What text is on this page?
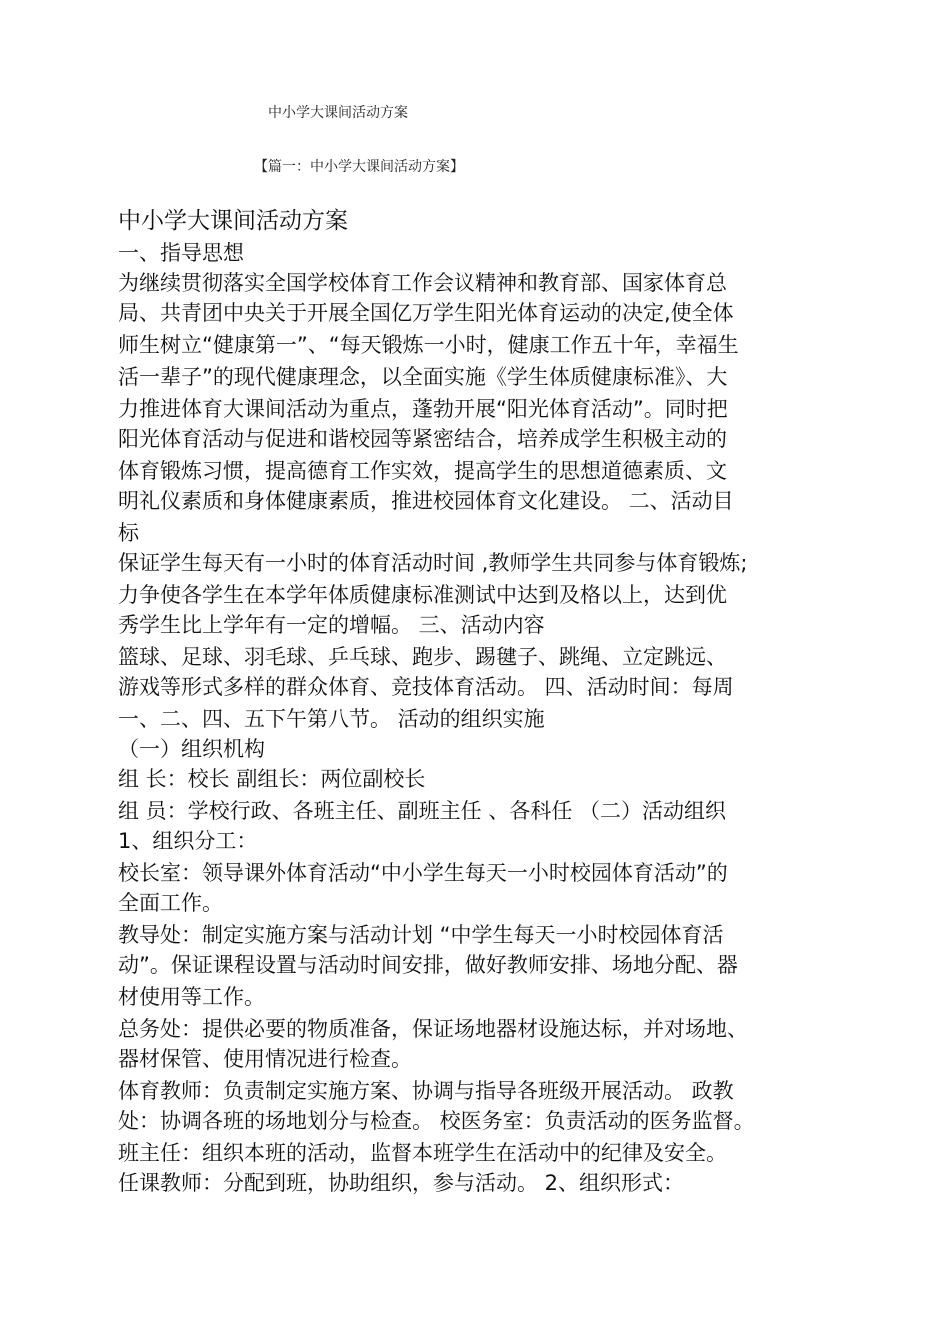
中小学大课间活动方案
【篇一：中小学大课间活动方案】
中小学大课间活动方案
一、指导思想
为继续贯彻落实全国学校体育工作会议精神和教育部、国家体育总
局、共青团中央关于开展全国亿万学生阳光体育运动的决定,使全体
师生树立“健康第一”、“每天锻炼一小时，健康工作五十年，幸福生
活一辈子”的现代健康理念，以全面实施《学生体质健康标准》、大
力推进体育大课间活动为重点，蓬勃开展“阳光体育活动”。同时把
阳光体育活动与促进和谐校园等紧密结合，培养成学生积极主动的
体育锻炼习惯，提高德育工作实效，提高学生的思想道德素质、文
明礼仪素质和身体健康素质，推进校园体育文化建设。 二、活动目
标
保证学生每天有一小时的体育活动时间 ,教师学生共同参与体育锻炼;
力争使各学生在本学年体质健康标准测试中达到及格以上，达到优
秀学生比上学年有一定的增幅。 三、活动内容
篮球、足球、羽毛球、乒乓球、跑步、踢毽子、跳绳、立定跳远、
游戏等形式多样的群众体育、竞技体育活动。 四、活动时间：每周
一、二、四、五下午第八节。 活动的组织实施
（一）组织机构
组 长：校长 副组长：两位副校长
组 员：学校行政、各班主任、副班主任 、各科任 （二）活动组织
1、组织分工：
校长室：领导课外体育活动“中小学生每天一小时校园体育活动”的
全面工作。
教导处：制定实施方案与活动计划 “中学生每天一小时校园体育活
动”。保证课程设置与活动时间安排，做好教师安排、场地分配、器
材使用等工作。
总务处：提供必要的物质准备，保证场地器材设施达标，并对场地、
器材保管、使用情况进行检查。
体育教师：负责制定实施方案、协调与指导各班级开展活动。 政教
处：协调各班的场地划分与检查。 校医务室：负责活动的医务监督。
班主任：组织本班的活动，监督本班学生在活动中的纪律及安全。
任课教师：分配到班，协助组织，参与活动。 2、组织形式：
